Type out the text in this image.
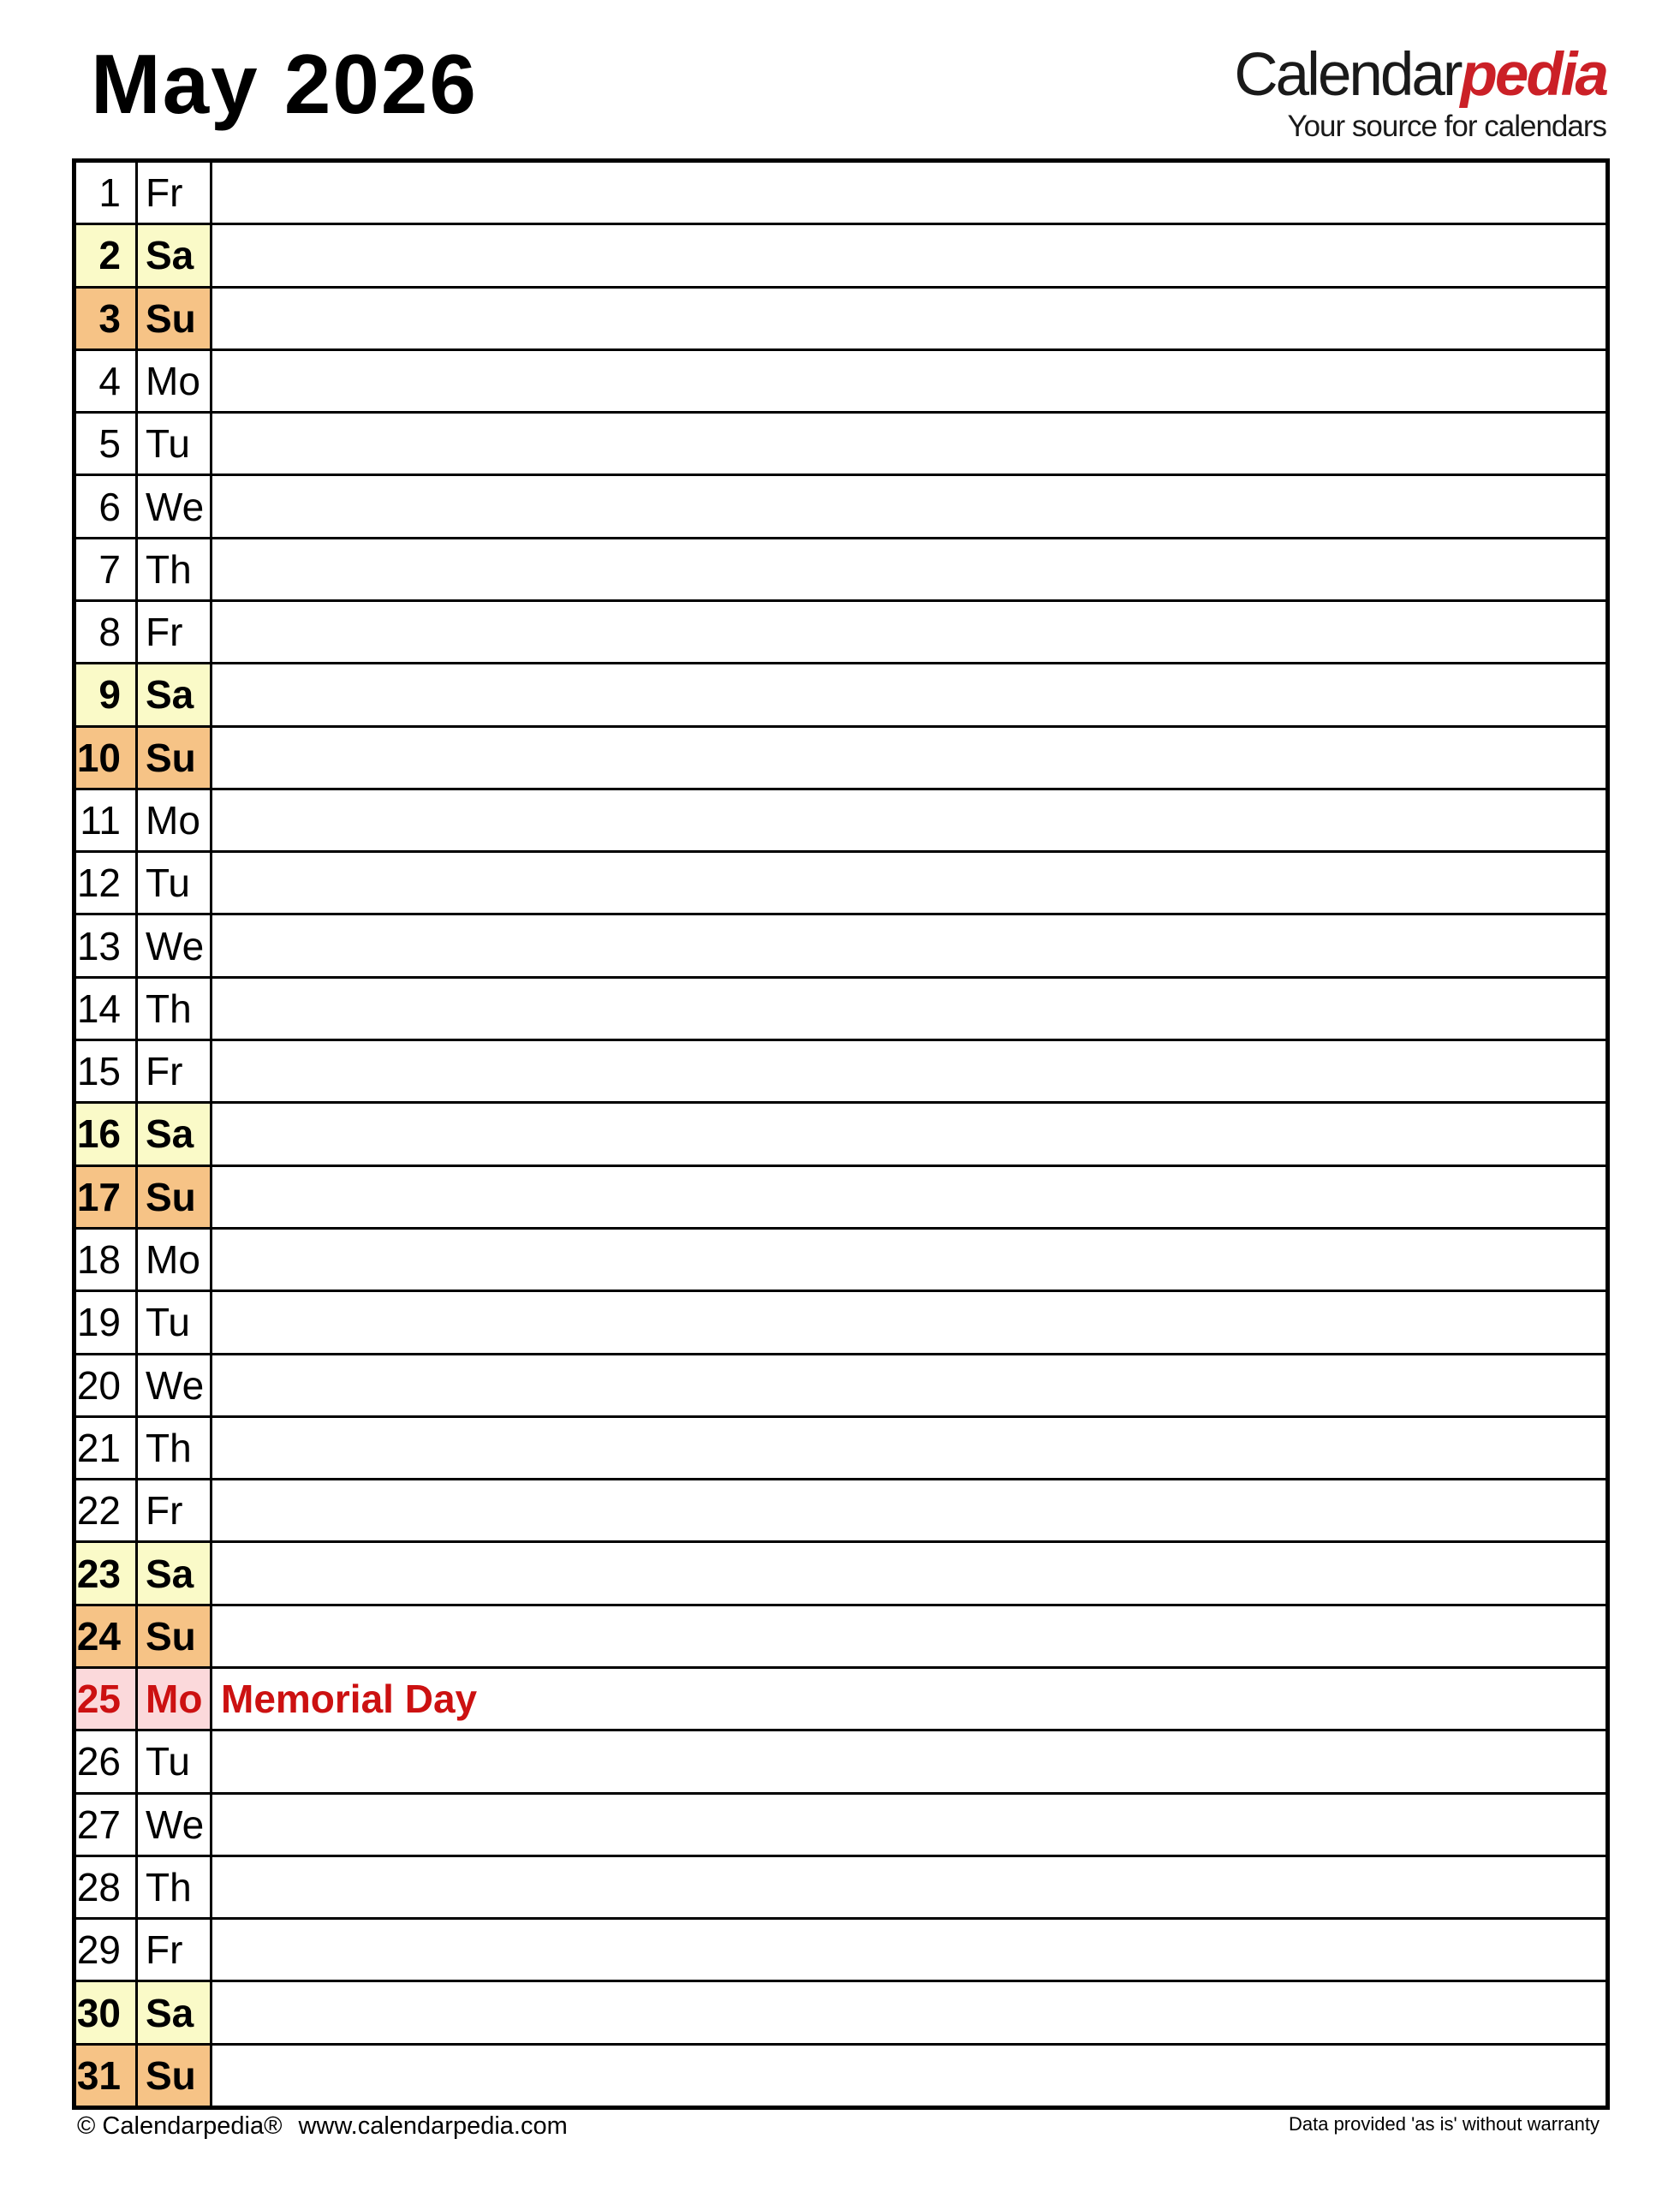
May 2026	Calendarpedia
Your source for calendars
1 Fr
2 Sa
3 Su
4 Mo
5 Tu
6 We
7 Th
8 Fr
9 Sa
10 Su
11 Mo
12 Tu
13 We
14 Th
15 Fr
16 Sa
17 Su
18 Mo
19 Tu
20 We
21 Th
22 Fr
23 Sa
24 Su
25 Mo Memorial Day
26 Tu
27 We
28 Th
29 Fr
30 Sa
31 Su
© Calendarpedia® www.calendarpedia.com	Data provided 'as is' without warranty
